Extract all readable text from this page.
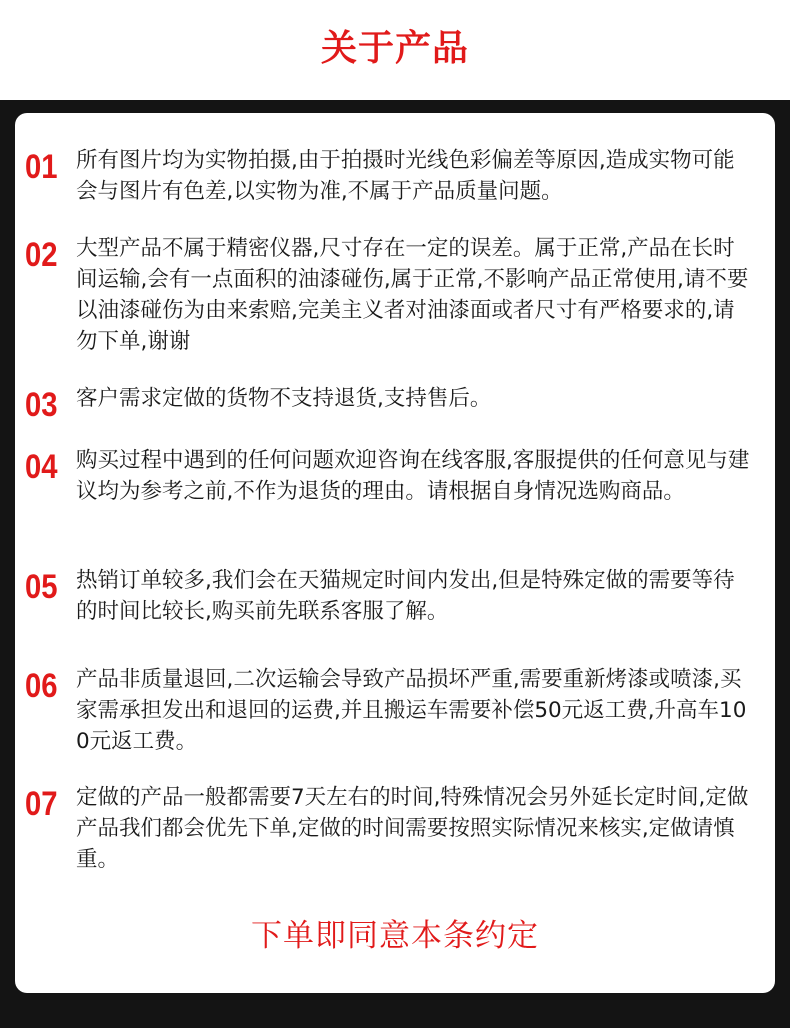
关于产品
01 所有图片均为实物拍摄,由于拍摄时光线色彩偏差等原因,造成实物可能会与图片有色差,以实物为准,不属于产品质量问题。
02 大型产品不属于精密仪器,尺寸存在一定的误差。属于正常,产品在长时间运输,会有一点面积的油漆碰伤,属于正常,不影响产品正常使用,请不要以油漆碰伤为由来索赔,完美主义者对油漆面或者尺寸有严格要求的,请勿下单,谢谢
03 客户需求定做的货物不支持退货,支持售后。
04 购买过程中遇到的任何问题欢迎咨询在线客服,客服提供的任何意见与建议均为参考之前,不作为退货的理由。请根据自身情况选购商品。
05 热销订单较多,我们会在天猫规定时间内发出,但是特殊定做的需要等待的时间比较长,购买前先联系客服了解。
06 产品非质量退回,二次运输会导致产品损坏严重,需要重新烤漆或喷漆,买家需承担发出和退回的运费,并且搬运车需要补偿50元返工费,升高车100元返工费。
07 定做的产品一般都需要7天左右的时间,特殊情况会另外延长定时间,定做产品我们都会优先下单,定做的时间需要按照实际情况来核实,定做请慎重。
下单即同意本条约定
